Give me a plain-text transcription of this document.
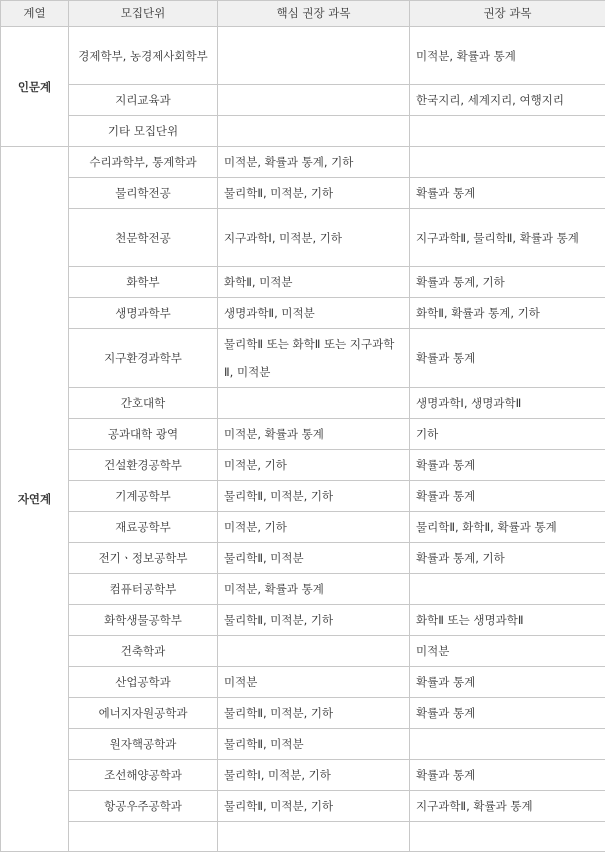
계열	모집단위	핵심 권장 과목	권장 과목
인문계	경제학부, 농경제사회학부		미적분, 확률과 통계
	지리교육과		한국지리, 세계지리, 여행지리
	기타 모집단위		
자연계	수리과학부, 통계학과	미적분, 확률과 통계, 기하	
	물리학전공	물리학Ⅱ, 미적분, 기하	확률과 통계
	천문학전공	지구과학Ⅰ, 미적분, 기하	지구과학Ⅱ, 물리학Ⅱ, 확률과 통계
	화학부	화학Ⅱ, 미적분	확률과 통계, 기하
	생명과학부	생명과학Ⅱ, 미적분	화학Ⅱ, 확률과 통계, 기하
	지구환경과학부	물리학Ⅱ 또는 화학Ⅱ 또는 지구과학Ⅱ, 미적분	확률과 통계
	간호대학		생명과학Ⅰ, 생명과학Ⅱ
	공과대학 광역	미적분, 확률과 통계	기하
	건설환경공학부	미적분, 기하	확률과 통계
	기계공학부	물리학Ⅱ, 미적분, 기하	확률과 통계
	재료공학부	미적분, 기하	물리학Ⅱ, 화학Ⅱ, 확률과 통계
	전기ㆍ정보공학부	물리학Ⅱ, 미적분	확률과 통계, 기하
	컴퓨터공학부	미적분, 확률과 통계	
	화학생물공학부	물리학Ⅱ, 미적분, 기하	화학Ⅱ 또는 생명과학Ⅱ
	건축학과		미적분
	산업공학과	미적분	확률과 통계
	에너지자원공학과	물리학Ⅱ, 미적분, 기하	확률과 통계
	원자핵공학과	물리학Ⅱ, 미적분	
	조선해양공학과	물리학Ⅰ, 미적분, 기하	확률과 통계
	항공우주공학과	물리학Ⅱ, 미적분, 기하	지구과학Ⅱ, 확률과 통계
